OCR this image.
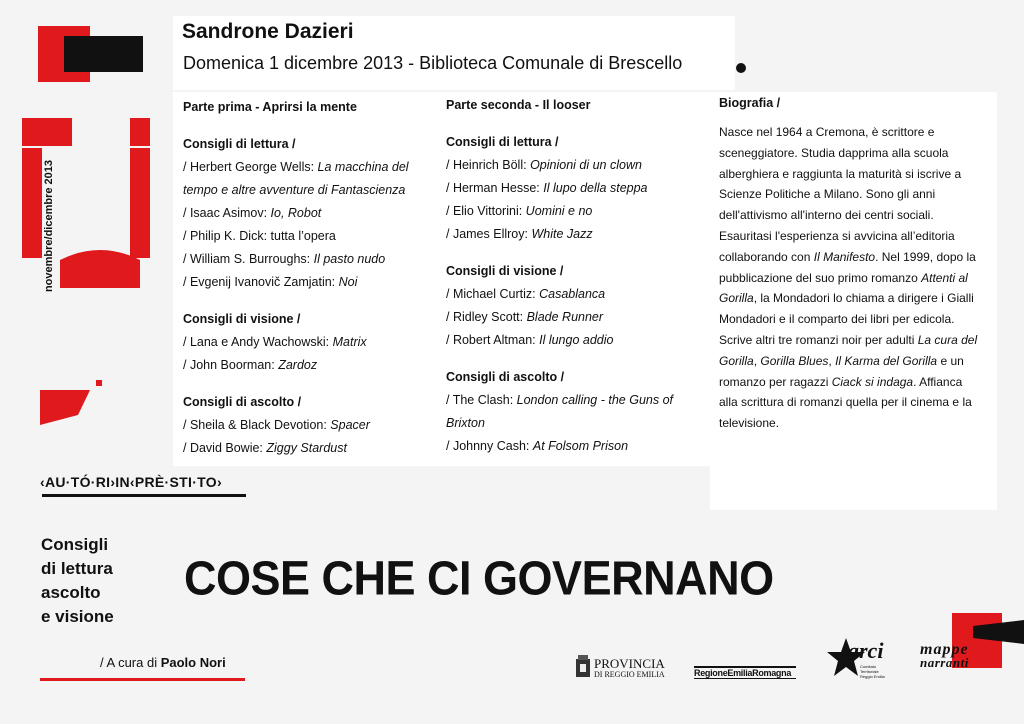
novembre/dicembre 2013
Sandrone Dazieri
Domenica 1 dicembre 2013 - Biblioteca Comunale di Brescello

Parte prima - Aprirsi la mente

Consigli di lettura /

/ Herbert George Wells: La macchina del

tempo e altre avventure di Fantascienza

/ Isaac Asimov: Io, Robot

/ Philip K. Dick: tutta l’opera

/ William S. Burroughs: Il pasto nudo

/ Evgenij Ivanovič Zamjatin: Noi

Consigli di visione /

/ Lana e Andy Wachowski: Matrix

/ John Boorman: Zardoz

Consigli di ascolto /

/ Sheila & Black Devotion: Spacer

/ David Bowie: Ziggy Stardust

Parte seconda - Il looser

Consigli di lettura /

/ Heinrich Böll: Opinioni di un clown

/ Herman Hesse: Il lupo della steppa

/ Elio Vittorini: Uomini e no

/ James Ellroy: White Jazz

Consigli di visione /

/ Michael Curtiz: Casablanca

/ Ridley Scott: Blade Runner

/ Robert Altman: Il lungo addio

Consigli di ascolto /

/ The Clash: London calling - the Guns of

Brixton

/ Johnny Cash: At Folsom Prison

Biografia /

Nasce nel 1964 a Cremona, è scrittore e
sceneggiatore. Studia dapprima alla scuola
alberghiera e raggiunta la maturità si iscrive a
Scienze Politiche a Milano. Sono gli anni
dell'attivismo all'interno dei centri sociali.
Esauritasi l'esperienza si avvicina all’editoria
collaborando con Il Manifesto. Nel 1999, dopo la
pubblicazione del suo primo romanzo Attenti al
Gorilla, la Mondadori lo chiama a dirigere i Gialli
Mondadori e il comparto dei libri per edicola.
Scrive altri tre romanzi noir per adulti La cura del
Gorilla, Gorilla Blues, Il Karma del Gorilla e un
romanzo per ragazzi Ciack si indaga. Affianca
alla scrittura di romanzi quella per il cinema e la
televisione.
‹AU·TÓ·RI›IN‹PRÈ·STI·TO›
Consigli
di lettura
ascolto
e visione
COSE CHE CI GOVERNANO
/ A cura di Paolo Nori	PROVINCIA
DI REGGIO EMILIA	RegioneEmiliaRomagna
arci
Comitato Territoriale Reggio Emilia
mappe
narranti
